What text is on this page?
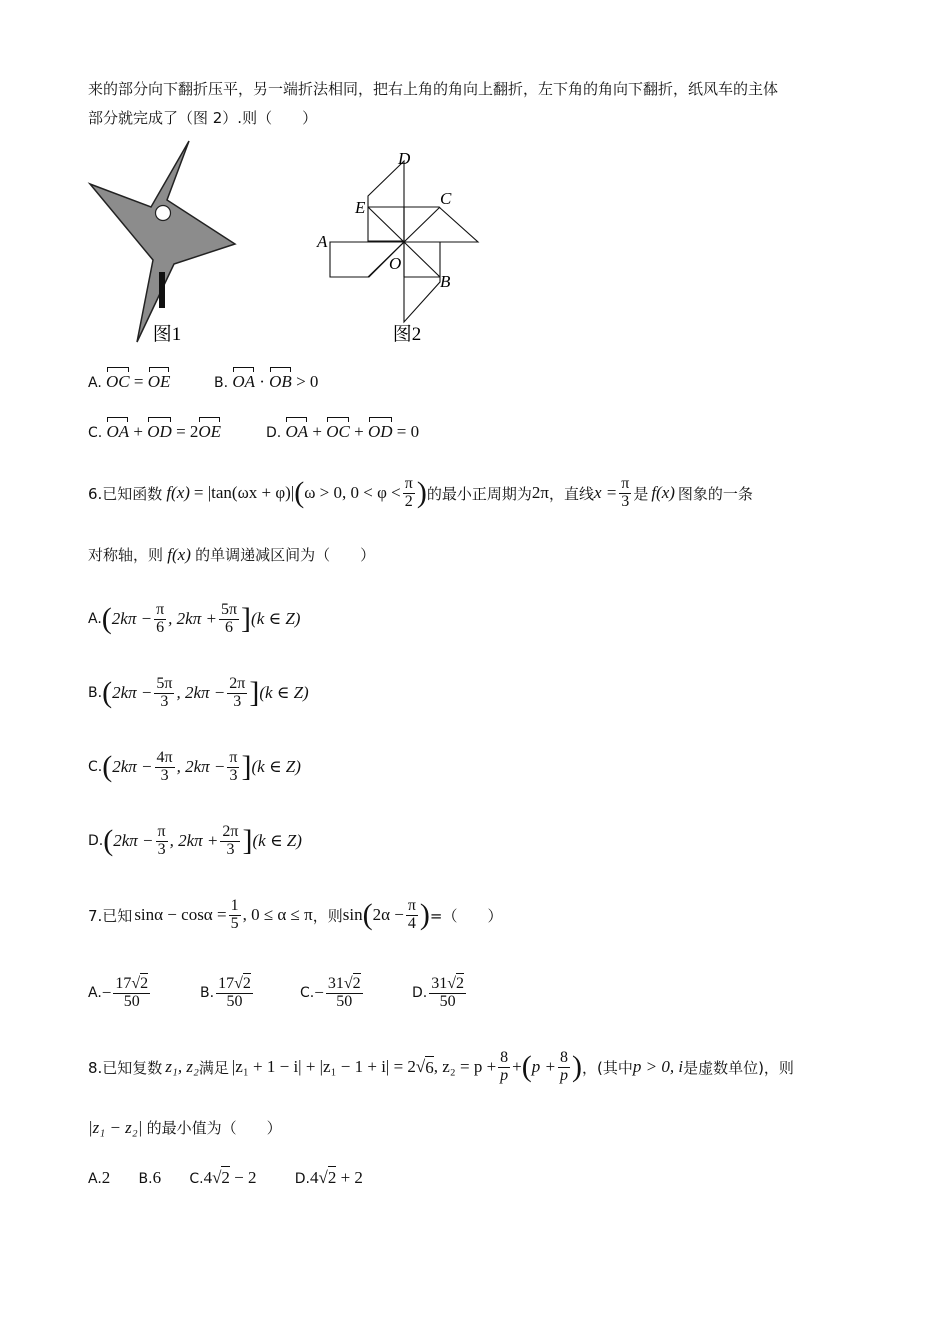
来的部分向下翻折压平，另一端折法相同，把右上角的角向上翻折，左下角的角向下翻折，纸风车的主体
部分就完成了（图 2）.则（　　）
图1
D
E	C
A
O
B
图2
A. OC = OE	B. OA · OB > 0
C. OA + OD = 2OE	D. OA + OC + OD = 0
6.已知函数 f(x) = |tan(ωx + φ)| ( ω > 0, $0 < \varphi < \frac{\pi}{2}$ ) 的最小正周期为 2π ，直线 $x = \frac{\pi}{3}$ 是 f(x) 图象的一条
对称轴，则 f(x) 的单调递减区间为（　　）
A. ( $2k\pi - \frac{\pi}{6}$ , $2k\pi + \frac{5\pi}{6}$ ] (k ∈ Z)
B. ( $2k\pi - \frac{5\pi}{3}$ , $2k\pi - \frac{2\pi}{3}$ ] (k ∈ Z)
C. ( $2k\pi - \frac{4\pi}{3}$ , $2k\pi - \frac{\pi}{3}$ ] (k ∈ Z)
D. ( $2k\pi - \frac{\pi}{3}$ , $2k\pi + \frac{2\pi}{3}$ ] (k ∈ Z)
7.已知 $\sin\alpha - \cos\alpha = \frac{1}{5}$ , 0 ≤ α ≤ π ，则 sin ( $2\alpha - \frac{\pi}{4}$ ) =（　　）
A. − $\frac{17√2}{50}$	B. $\frac{17√2}{50}$	C. − $\frac{31√2}{50}$	D. $\frac{31√2}{50}$
8.已知复数 z₁, z₂ 满足 |z₁ + 1 − i| + |z₁ − 1 + i| = 2 √ 6 , $z_2 = p + \frac{8}{p}$ + ( $p + \frac{8}{p}$ ) ，(其中 p > 0, i 是虚数单位)，则
|z₁ − z₂| 的最小值为（　　）
A.2 B.6 C.4√2 − 2	D.4√2 + 2
